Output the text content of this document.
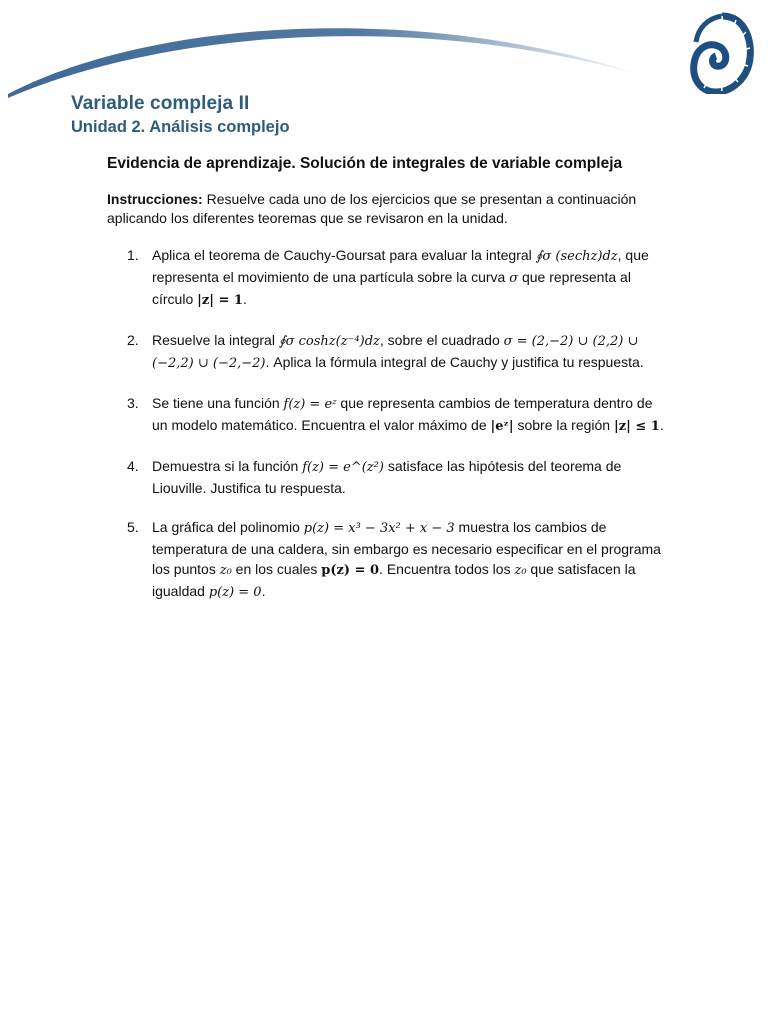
Variable compleja II
Unidad 2. Análisis complejo
Evidencia de aprendizaje. Solución de integrales de variable compleja
Instrucciones: Resuelve cada uno de los ejercicios que se presentan a continuación aplicando los diferentes teoremas que se revisaron en la unidad.
1. Aplica el teorema de Cauchy-Goursat para evaluar la integral ∮σ (sechz)dz, que representa el movimiento de una partícula sobre la curva σ que representa al círculo |z| = 1.
2. Resuelve la integral ∮σ coshz(z⁻⁴)dz, sobre el cuadrado σ = (2,−2) ∪ (2,2) ∪ (−2,2) ∪ (−2,−2). Aplica la fórmula integral de Cauchy y justifica tu respuesta.
3. Se tiene una función f(z) = eᶻ que representa cambios de temperatura dentro de un modelo matemático. Encuentra el valor máximo de |eᶻ| sobre la región |z| ≤ 1.
4. Demuestra si la función f(z) = e^(z²) satisface las hipótesis del teorema de Liouville. Justifica tu respuesta.
5. La gráfica del polinomio p(z) = x³ − 3x² + x − 3 muestra los cambios de temperatura de una caldera, sin embargo es necesario especificar en el programa los puntos z₀ en los cuales p(z) = 0. Encuentra todos los z₀ que satisfacen la igualdad p(z) = 0.
